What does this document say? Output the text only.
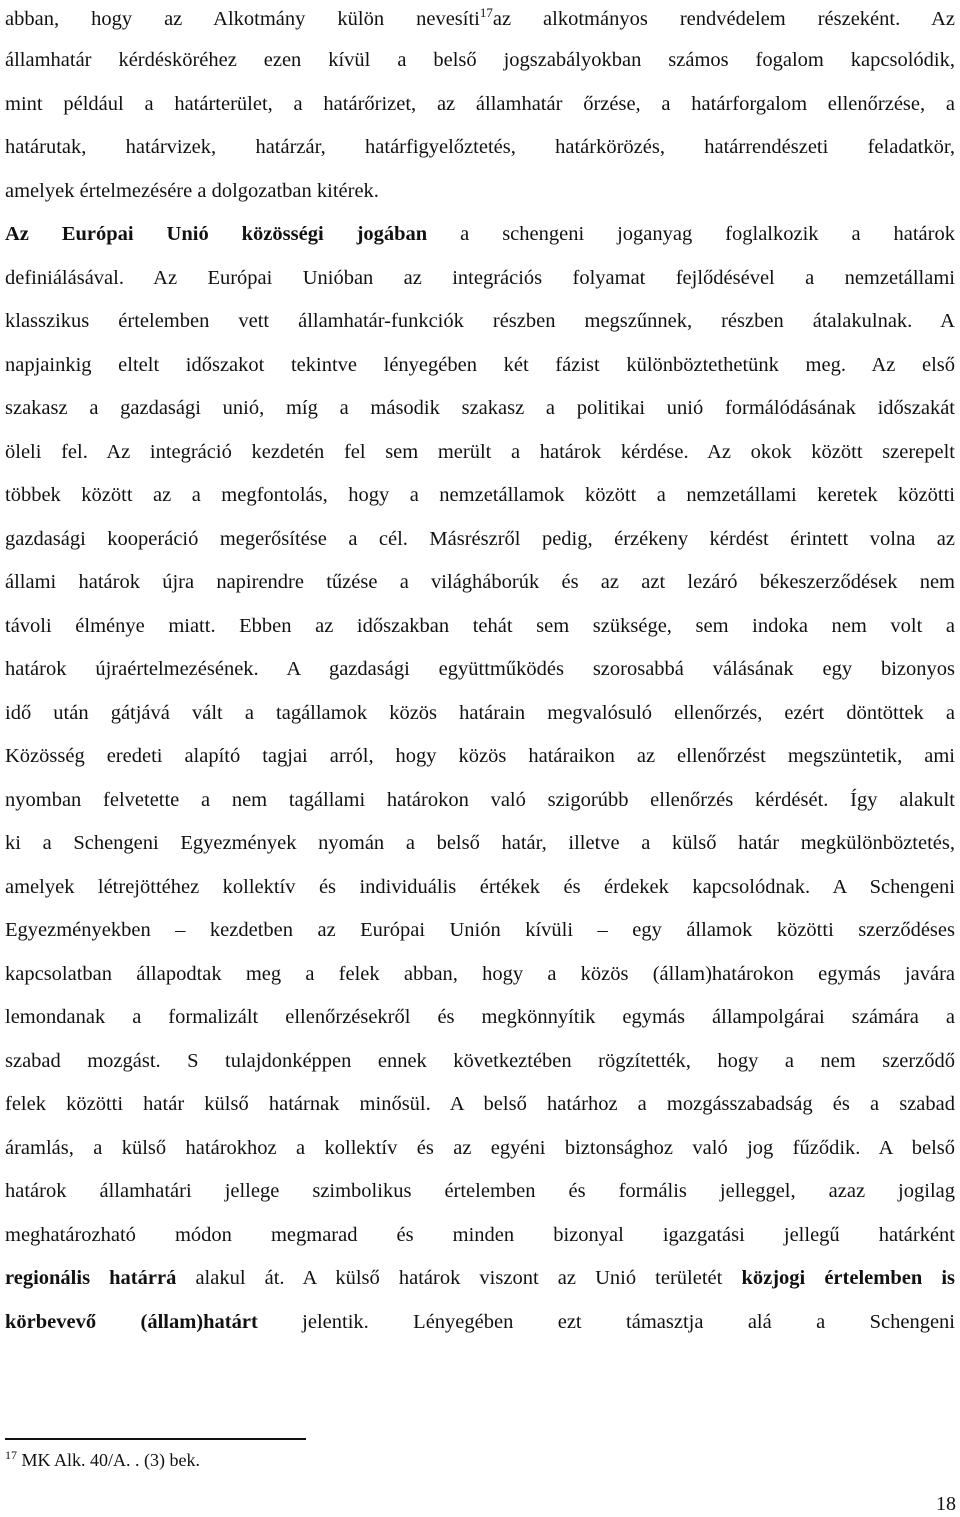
abban, hogy az Alkotmány külön nevesíti$^{17}$az alkotmányos rendvédelem részeként. Az
államhatár kérdésköréhez ezen kívül a belső jogszabályokban számos fogalom kapcsolódik,
mint például a határterület, a határőrizet, az államhatár őrzése, a határforgalom ellenőrzése, a
határutak, határvizek, határzár, határfigyelőztetés, határkörözés, határrendészeti feladatkör,
amelyek értelmezésére a dolgozatban kitérek.
Az Európai Unió közösségi jogában a schengeni joganyag foglalkozik a határok
definiálásával. Az Európai Unióban az integrációs folyamat fejlődésével a nemzetállami
klasszikus értelemben vett államhatár-funkciók részben megszűnnek, részben átalakulnak. A
napjainkig eltelt időszakot tekintve lényegében két fázist különböztethetünk meg. Az első
szakasz a gazdasági unió, míg a második szakasz a politikai unió formálódásának időszakát
öleli fel. Az integráció kezdetén fel sem merült a határok kérdése. Az okok között szerepelt
többek között az a megfontolás, hogy a nemzetállamok között a nemzetállami keretek közötti
gazdasági kooperáció megerősítése a cél. Másrészről pedig, érzékeny kérdést érintett volna az
állami határok újra napirendre tűzése a világháborúk és az azt lezáró békeszerződések nem
távoli élménye miatt. Ebben az időszakban tehát sem szüksége, sem indoka nem volt a
határok újraértelmezésének. A gazdasági együttműködés szorosabbá válásának egy bizonyos
idő után gátjává vált a tagállamok közös határain megvalósuló ellenőrzés, ezért döntöttek a
Közösség eredeti alapító tagjai arról, hogy közös határaikon az ellenőrzést megszüntetik, ami
nyomban felvetette a nem tagállami határokon való szigorúbb ellenőrzés kérdését. Így alakult
ki a Schengeni Egyezmények nyomán a belső határ, illetve a külső határ megkülönböztetés,
amelyek létrejöttéhez kollektív és individuális értékek és érdekek kapcsolódnak. A Schengeni
Egyezményekben – kezdetben az Európai Unión kívüli – egy államok közötti szerződéses
kapcsolatban állapodtak meg a felek abban, hogy a közös (állam)határokon egymás javára
lemondanak a formalizált ellenőrzésekről és megkönnyítik egymás állampolgárai számára a
szabad mozgást. S tulajdonképpen ennek következtében rögzítették, hogy a nem szerződő
felek közötti határ külső határnak minősül. A belső határhoz a mozgásszabadság és a szabad
áramlás, a külső határokhoz a kollektív és az egyéni biztonsághoz való jog fűződik. A belső
határok államhatári jellege szimbolikus értelemben és formális jelleggel, azaz jogilag
meghatározható módon megmarad és minden bizonyal igazgatási jellegű határként
regionális határrá alakul át. A külső határok viszont az Unió területét közjogi értelemben is
körbevevő (állam)határt jelentik. Lényegében ezt támasztja alá a Schengeni
$^{17}$ MK Alk. 40/A. . (3) bek.
18
